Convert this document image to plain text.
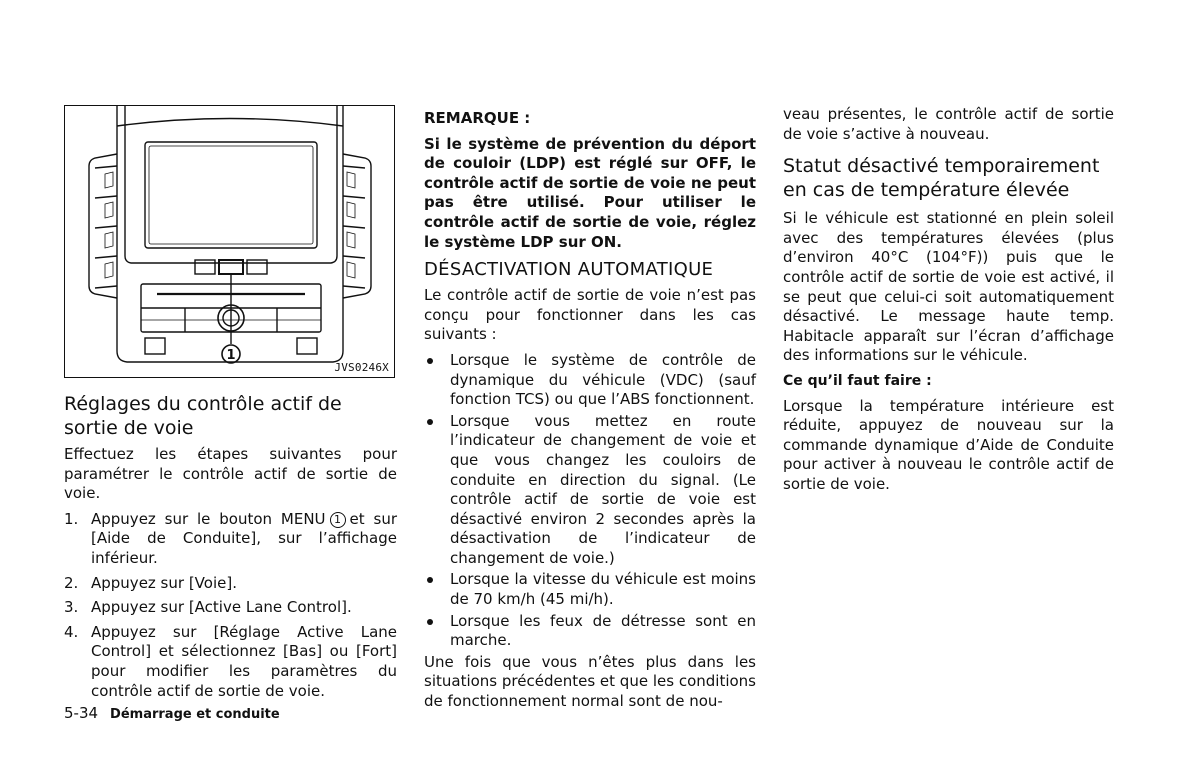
1
JVS0246X
Réglages du contrôle actif de sortie de voie

Effectuez les étapes suivantes pour paramétrer le contrôle actif de sortie de voie.

1. Appuyez sur le bouton MENU 1 et sur [Aide de Conduite], sur l’affichage inférieur.
2. Appuyez sur [Voie].
3. Appuyez sur [Active Lane Control].
4. Appuyez sur [Réglage Active Lane Control] et sélectionnez [Bas] ou [Fort] pour modifier les paramètres du contrôle actif de sortie de voie.

REMARQUE :

Si le système de prévention du déport de couloir (LDP) est réglé sur OFF, le contrôle actif de sortie de voie ne peut pas être utilisé. Pour utiliser le contrôle actif de sortie de voie, réglez le système LDP sur ON.

DÉSACTIVATION AUTOMATIQUE

Le contrôle actif de sortie de voie n’est pas conçu pour fonctionner dans les cas suivants :

Lorsque le système de contrôle de dynamique du véhicule (VDC) (sauf fonction TCS) ou que l’ABS fonctionnent.
Lorsque vous mettez en route l’indicateur de changement de voie et que vous changez les couloirs de conduite en direction du signal. (Le contrôle actif de sortie de voie est désactivé environ 2 secondes après la désactivation de l’indicateur de changement de voie.)
Lorsque la vitesse du véhicule est moins de 70 km/h (45 mi/h).
Lorsque les feux de détresse sont en marche.

Une fois que vous n’êtes plus dans les situations précédentes et que les conditions de fonctionnement normal sont de nou-

veau présentes, le contrôle actif de sortie de voie s’active à nouveau.

Statut désactivé temporairement en cas de température élevée

Si le véhicule est stationné en plein soleil avec des températures élevées (plus d’environ 40°C (104°F)) puis que le contrôle actif de sortie de voie est activé, il se peut que celui-ci soit automatiquement désactivé. Le message haute temp. Habitacle apparaît sur l’écran d’affichage des informations sur le véhicule.

Ce qu’il faut faire :

Lorsque la température intérieure est réduite, appuyez de nouveau sur la commande dynamique d’Aide de Conduite pour activer à nouveau le contrôle actif de sortie de voie.

5-34 Démarrage et conduite
